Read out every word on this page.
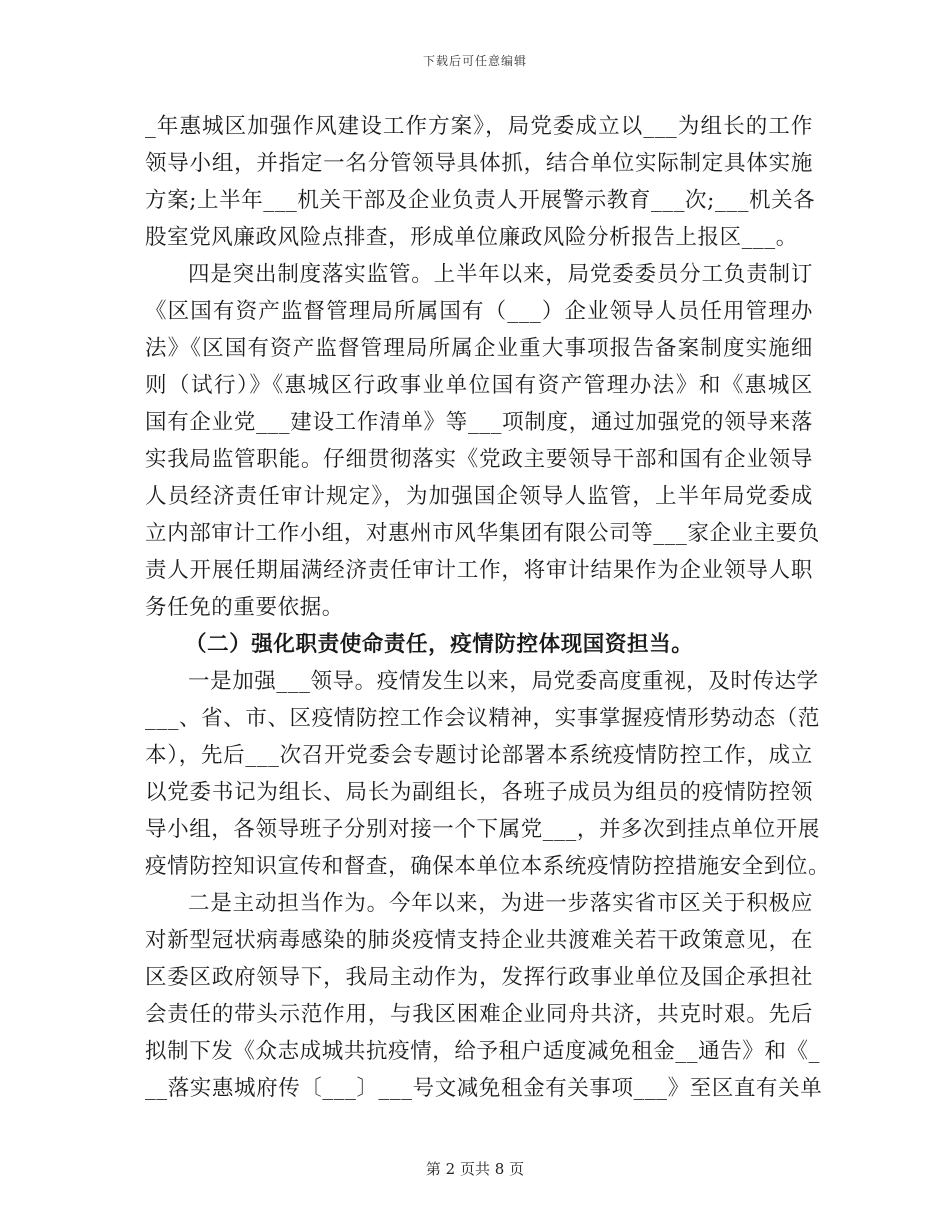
下载后可任意编辑
_年惠城区加强作风建设工作方案》，局党委成立以___为组长的工作
领导小组，并指定一名分管领导具体抓，结合单位实际制定具体实施
方案;上半年___机关干部及企业负责人开展警示教育___次;___机关各
股室党风廉政风险点排查，形成单位廉政风险分析报告上报区___。
四是突出制度落实监管。上半年以来，局党委委员分工负责制订
《区国有资产监督管理局所属国有（___）企业领导人员任用管理办
法》《区国有资产监督管理局所属企业重大事项报告备案制度实施细
则（试行）》《惠城区行政事业单位国有资产管理办法》和《惠城区
国有企业党___建设工作清单》等___项制度，通过加强党的领导来落
实我局监管职能。仔细贯彻落实《党政主要领导干部和国有企业领导
人员经济责任审计规定》，为加强国企领导人监管，上半年局党委成
立内部审计工作小组，对惠州市风华集团有限公司等___家企业主要负
责人开展任期届满经济责任审计工作，将审计结果作为企业领导人职
务任免的重要依据。
（二）强化职责使命责任，疫情防控体现国资担当。
一是加强___领导。疫情发生以来，局党委高度重视，及时传达学
___、省、市、区疫情防控工作会议精神，实事掌握疫情形势动态（范
本），先后___次召开党委会专题讨论部署本系统疫情防控工作，成立
以党委书记为组长、局长为副组长，各班子成员为组员的疫情防控领
导小组，各领导班子分别对接一个下属党___，并多次到挂点单位开展
疫情防控知识宣传和督查，确保本单位本系统疫情防控措施安全到位。
二是主动担当作为。今年以来，为进一步落实省市区关于积极应
对新型冠状病毒感染的肺炎疫情支持企业共渡难关若干政策意见，在
区委区政府领导下，我局主动作为，发挥行政事业单位及国企承担社
会责任的带头示范作用，与我区困难企业同舟共济，共克时艰。先后
拟制下发《众志成城共抗疫情，给予租户适度减免租金__通告》和《_
__落实惠城府传〔___〕___号文减免租金有关事项___》至区直有关单
第 2 页共 8 页
